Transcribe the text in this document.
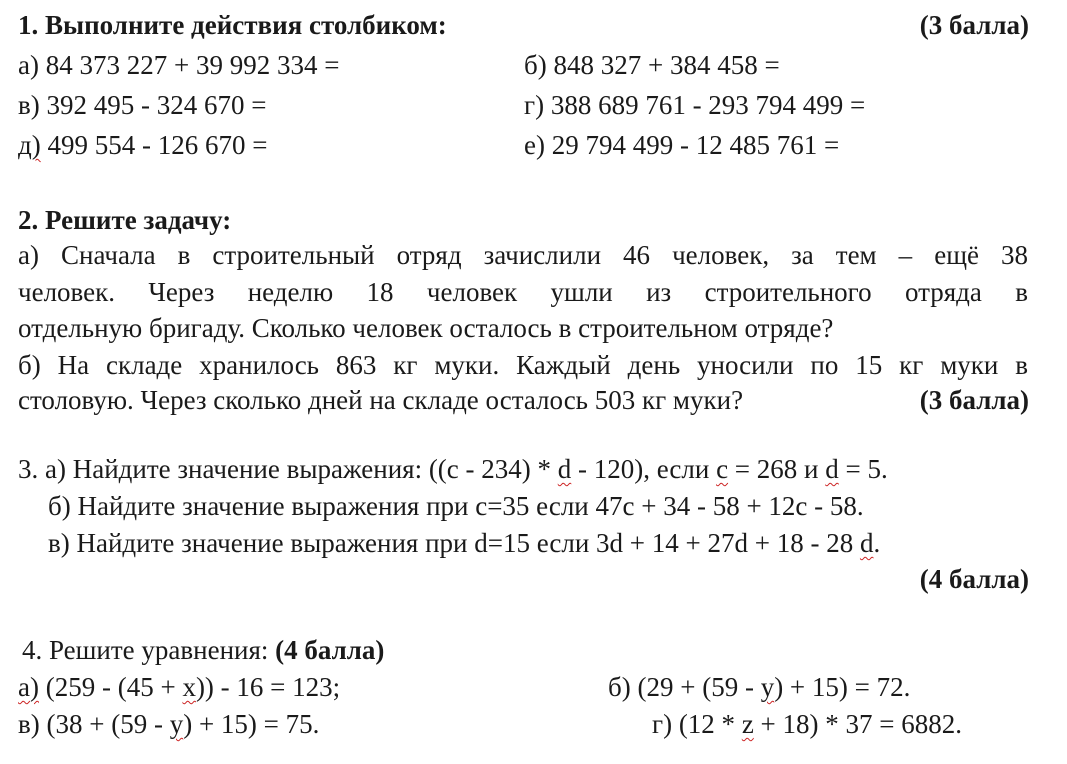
1. Выполните действия столбиком:	(3 балла)
а) 84 373 227 + 39 992 334 =	б) 848 327 + 384 458 =
в) 392 495 - 324 670 =	г) 388 689 761 - 293 794 499 =
д) 499 554 - 126 670 =	е) 29 794 499 - 12 485 761 =
2. Решите задачу:
а) Сначала в строительный отряд зачислили 46 человек, за тем – ещё 38
человек. Через неделю 18 человек ушли из строительного отряда в
отдельную бригаду. Сколько человек осталось в строительном отряде?
б) На складе хранилось 863 кг муки. Каждый день уносили по 15 кг муки в
столовую. Через сколько дней на складе осталось 503 кг муки?	(3 балла)
3. а) Найдите значение выражения: ((c - 234) * d - 120), если c = 268 и d = 5.
б) Найдите значение выражения при c=35 если 47c + 34 - 58 + 12c - 58.
в) Найдите значение выражения при d=15 если 3d + 14 + 27d + 18 - 28 d.
(4 балла)
4. Решите уравнения: (4 балла)
а) (259 - (45 + x)) - 16 = 123;	б) (29 + (59 - y) + 15) = 72.
в) (38 + (59 - y) + 15) = 75.	г) (12 * z + 18) * 37 = 6882.
